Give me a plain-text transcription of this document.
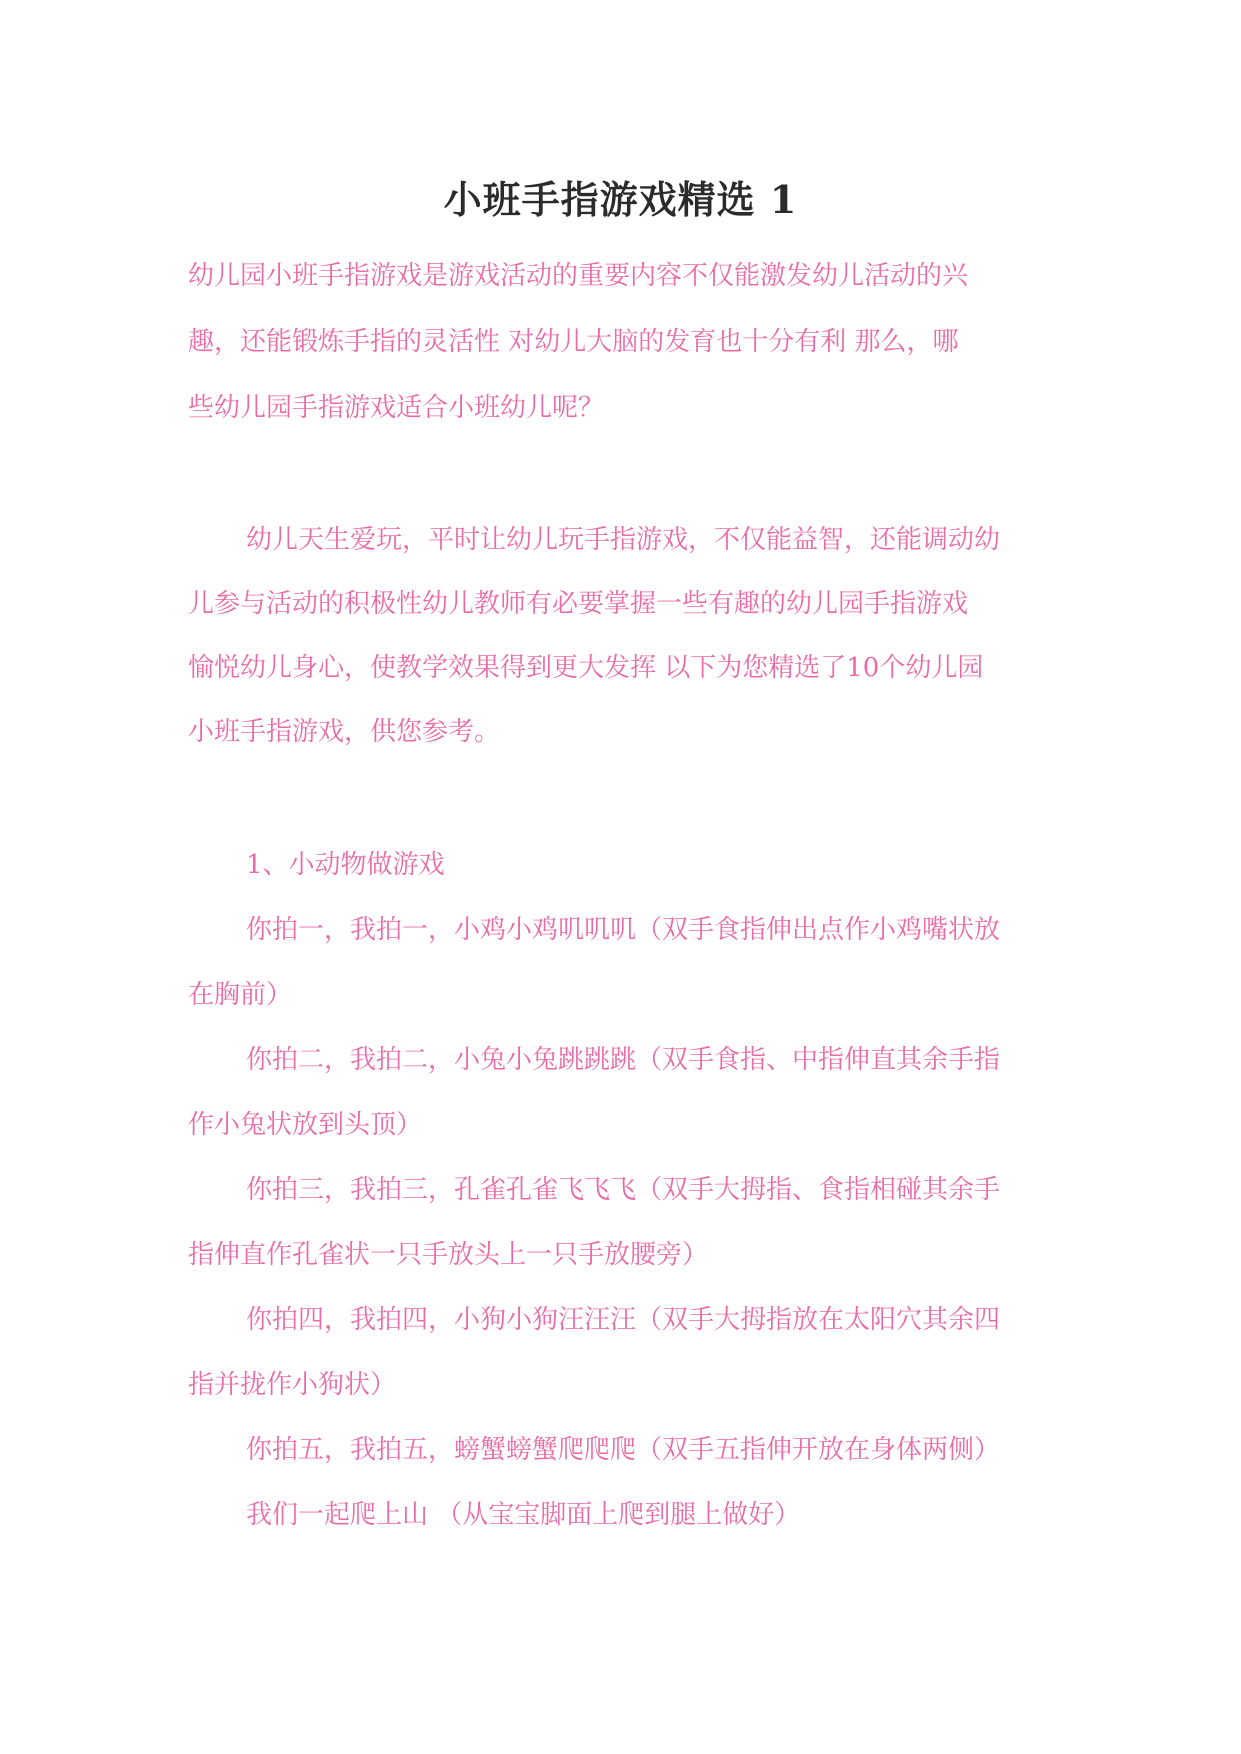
小班手指游戏精选 1
幼儿园小班手指游戏是游戏活动的重要内容不仅能激发幼儿活动的兴
趣，还能锻炼手指的灵活性 对幼儿大脑的发育也十分有利 那么，哪
些幼儿园手指游戏适合小班幼儿呢？
幼儿天生爱玩，平时让幼儿玩手指游戏，不仅能益智，还能调动幼
儿参与活动的积极性幼儿教师有必要掌握一些有趣的幼儿园手指游戏
愉悦幼儿身心，使教学效果得到更大发挥 以下为您精选了10个幼儿园
小班手指游戏，供您参考。
1、小动物做游戏
你拍一，我拍一，小鸡小鸡叽叽叽（双手食指伸出点作小鸡嘴状放
在胸前）
你拍二，我拍二，小兔小兔跳跳跳（双手食指、中指伸直其余手指
作小兔状放到头顶）
你拍三，我拍三，孔雀孔雀飞飞飞（双手大拇指、食指相碰其余手
指伸直作孔雀状一只手放头上一只手放腰旁）
你拍四，我拍四，小狗小狗汪汪汪（双手大拇指放在太阳穴其余四
指并拢作小狗状）
你拍五，我拍五，螃蟹螃蟹爬爬爬（双手五指伸开放在身体两侧）
我们一起爬上山 （从宝宝脚面上爬到腿上做好）
